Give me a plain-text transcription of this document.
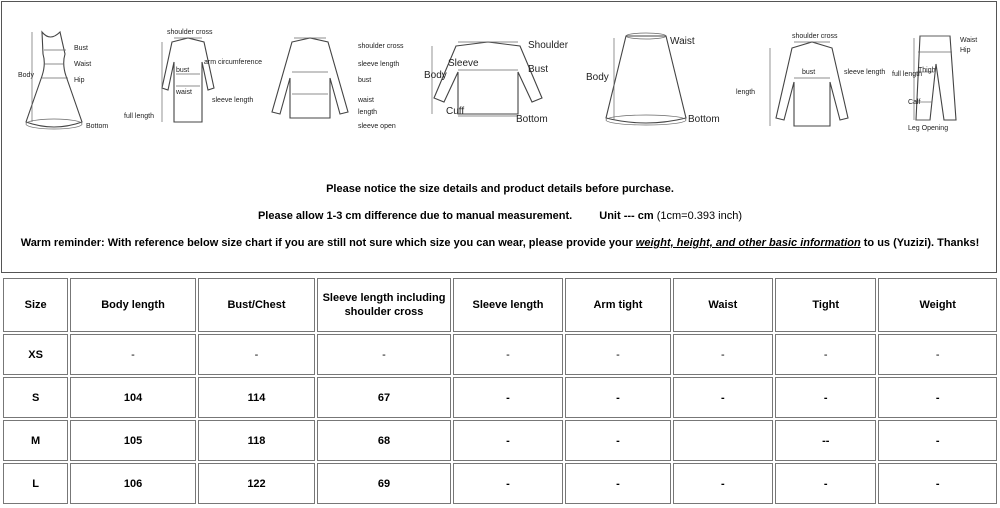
Bust
Waist
Body
Hip
Bottom
shoulder cross
arm circumference
bust
waist
sleeve length
full length
shoulder cross
sleeve length
bust
waist
length
sleeve open
Shoulder
Sleeve
Bust
Body
Cuff
Bottom
Waist
Body
Bottom
shoulder cross
bust	sleeve length
length
Waist
Hip
full length
Thigh
Calf
Leg Opening
Please notice the size details and product details before purchase.
Please allow 1-3 cm difference due to manual measurement. Unit --- cm (1cm=0.393 inch)
Warm reminder: With reference below size chart if you are still not sure which size you can wear, please provide your weight, height, and other basic information to us (Yuzizi). Thanks!
Size	Body length	Bust/Chest	Sleeve length including shoulder cross	Sleeve length	Arm tight	Waist	Tight	Weight
XS	-	-	-	-	-	-	-	-
S	104	114	67	-	-	-	-	-
M	105	118	68	-	-		--	-
L	106	122	69	-	-	-	-	-
